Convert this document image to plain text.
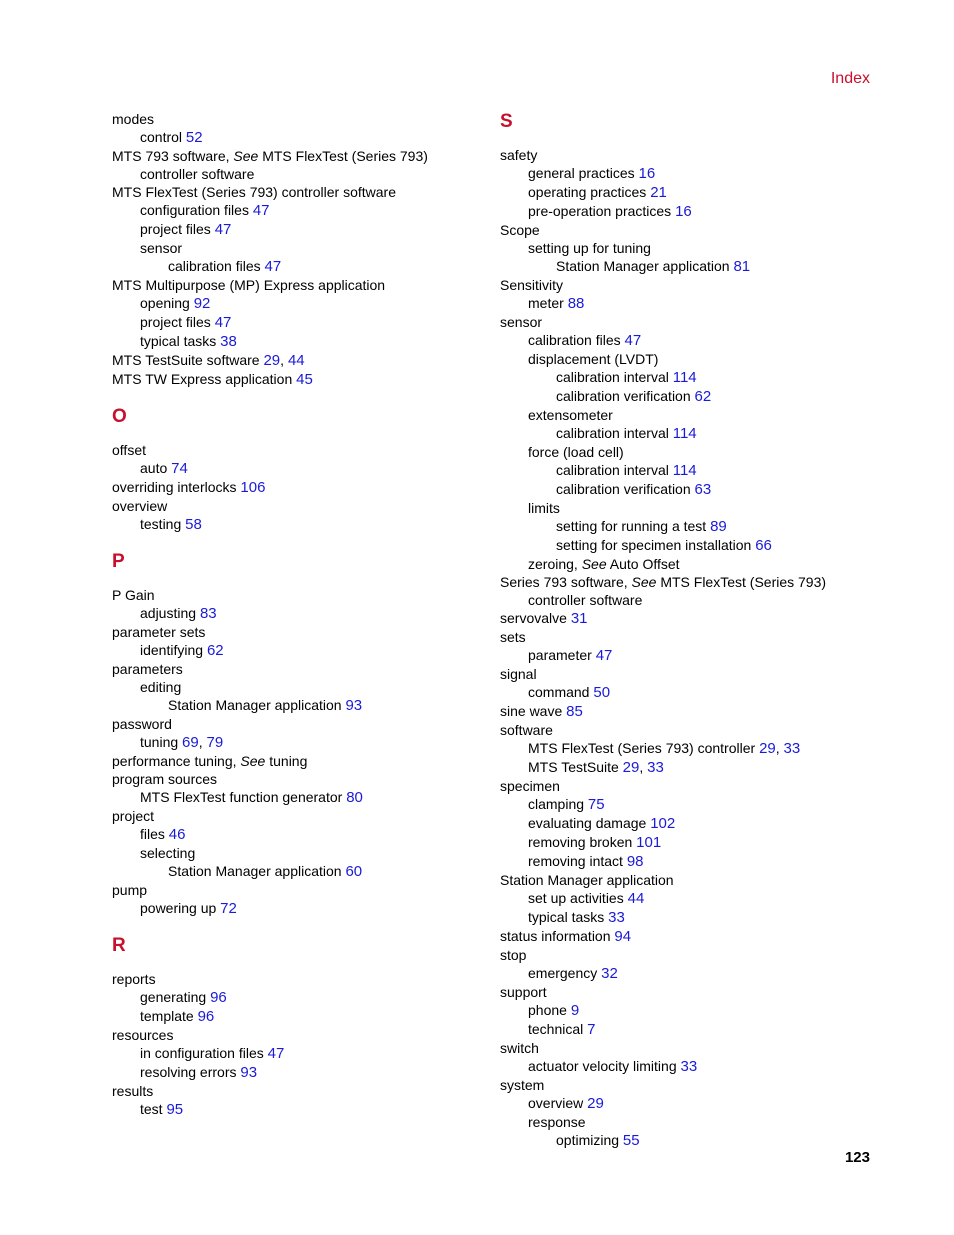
Index
modes
control 52
MTS 793 software, See MTS FlexTest (Series 793) controller software
MTS FlexTest (Series 793) controller software
configuration files 47
project files 47
sensor
calibration files 47
MTS Multipurpose (MP) Express application
opening 92
project files 47
typical tasks 38
MTS TestSuite software 29, 44
MTS TW Express application 45
O
offset
auto 74
overriding interlocks 106
overview
testing 58
P
P Gain
adjusting 83
parameter sets
identifying 62
parameters
editing
Station Manager application 93
password
tuning 69, 79
performance tuning, See tuning
program sources
MTS FlexTest function generator 80
project
files 46
selecting
Station Manager application 60
pump
powering up 72
R
reports
generating 96
template 96
resources
in configuration files 47
resolving errors 93
results
test 95
S
safety
general practices 16
operating practices 21
pre-operation practices 16
Scope
setting up for tuning
Station Manager application 81
Sensitivity
meter 88
sensor
calibration files 47
displacement (LVDT)
calibration interval 114
calibration verification 62
extensometer
calibration interval 114
force (load cell)
calibration interval 114
calibration verification 63
limits
setting for running a test 89
setting for specimen installation 66
zeroing, See Auto Offset
Series 793 software, See MTS FlexTest (Series 793) controller software
servovalve 31
sets
parameter 47
signal
command 50
sine wave 85
software
MTS FlexTest (Series 793) controller 29, 33
MTS TestSuite 29, 33
specimen
clamping 75
evaluating damage 102
removing broken 101
removing intact 98
Station Manager application
set up activities 44
typical tasks 33
status information 94
stop
emergency 32
support
phone 9
technical 7
switch
actuator velocity limiting 33
system
overview 29
response
optimizing 55
123
